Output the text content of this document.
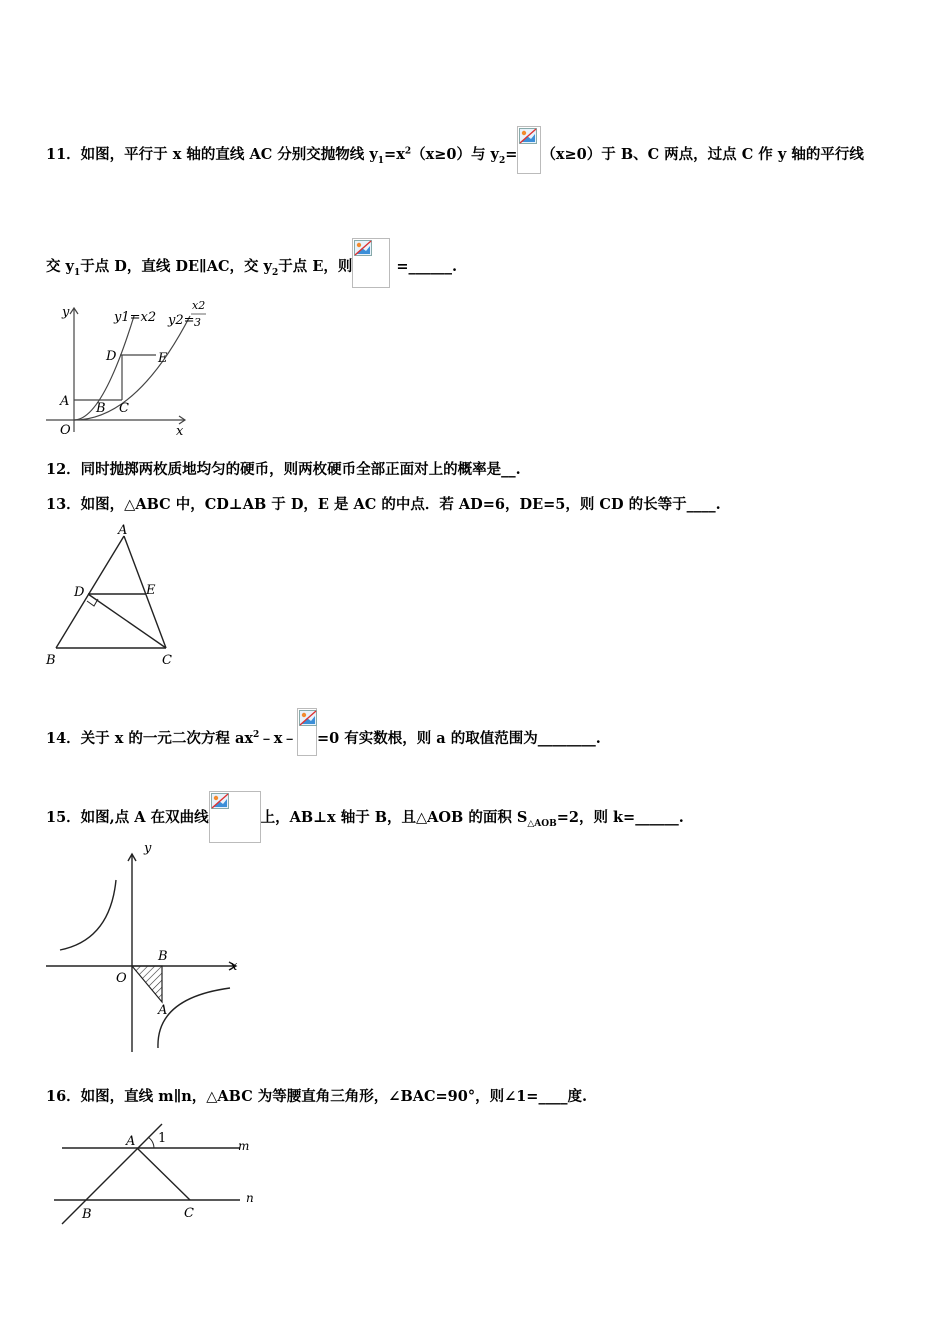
11．如图，平行于 x 轴的直线 AC 分别交抛物线 $y_1=x^2(x\ge 0)$与 $y_2= (x\ge 0)$于 B、C 两点，过点 C 作 y 轴的平行线
交 $y_1$于点 D，直线 DE∥AC，交 $y_2$于点 E，则	=______.
y
x
O
y1=x2 y2=
x2
3
A B C
D	E
12．同时抛掷两枚质地均匀的硬币，则两枚硬币全部正面对上的概率是__.
13．如图，△ABC 中，CD⊥AB 于 D，E 是 AC 的中点．若 AD=6，DE=5，则 CD 的长等于____.
A
B	C
D	E
14．关于 x 的一元二次方程 $ax^2﹣x﹣ =0$ 有实数根，则 a 的取值范围为________.
15．如图,点 A 在双曲线	上，AB⊥x 轴于 B，且△AOB 的面积 $S_{\triangle AOB}=2$，则 k=______.
y
x
O
B
A
16．如图，直线 m∥n，△ABC 为等腰直角三角形，∠BAC=90°，则∠1=____度.
A 1	m
n
B	C
